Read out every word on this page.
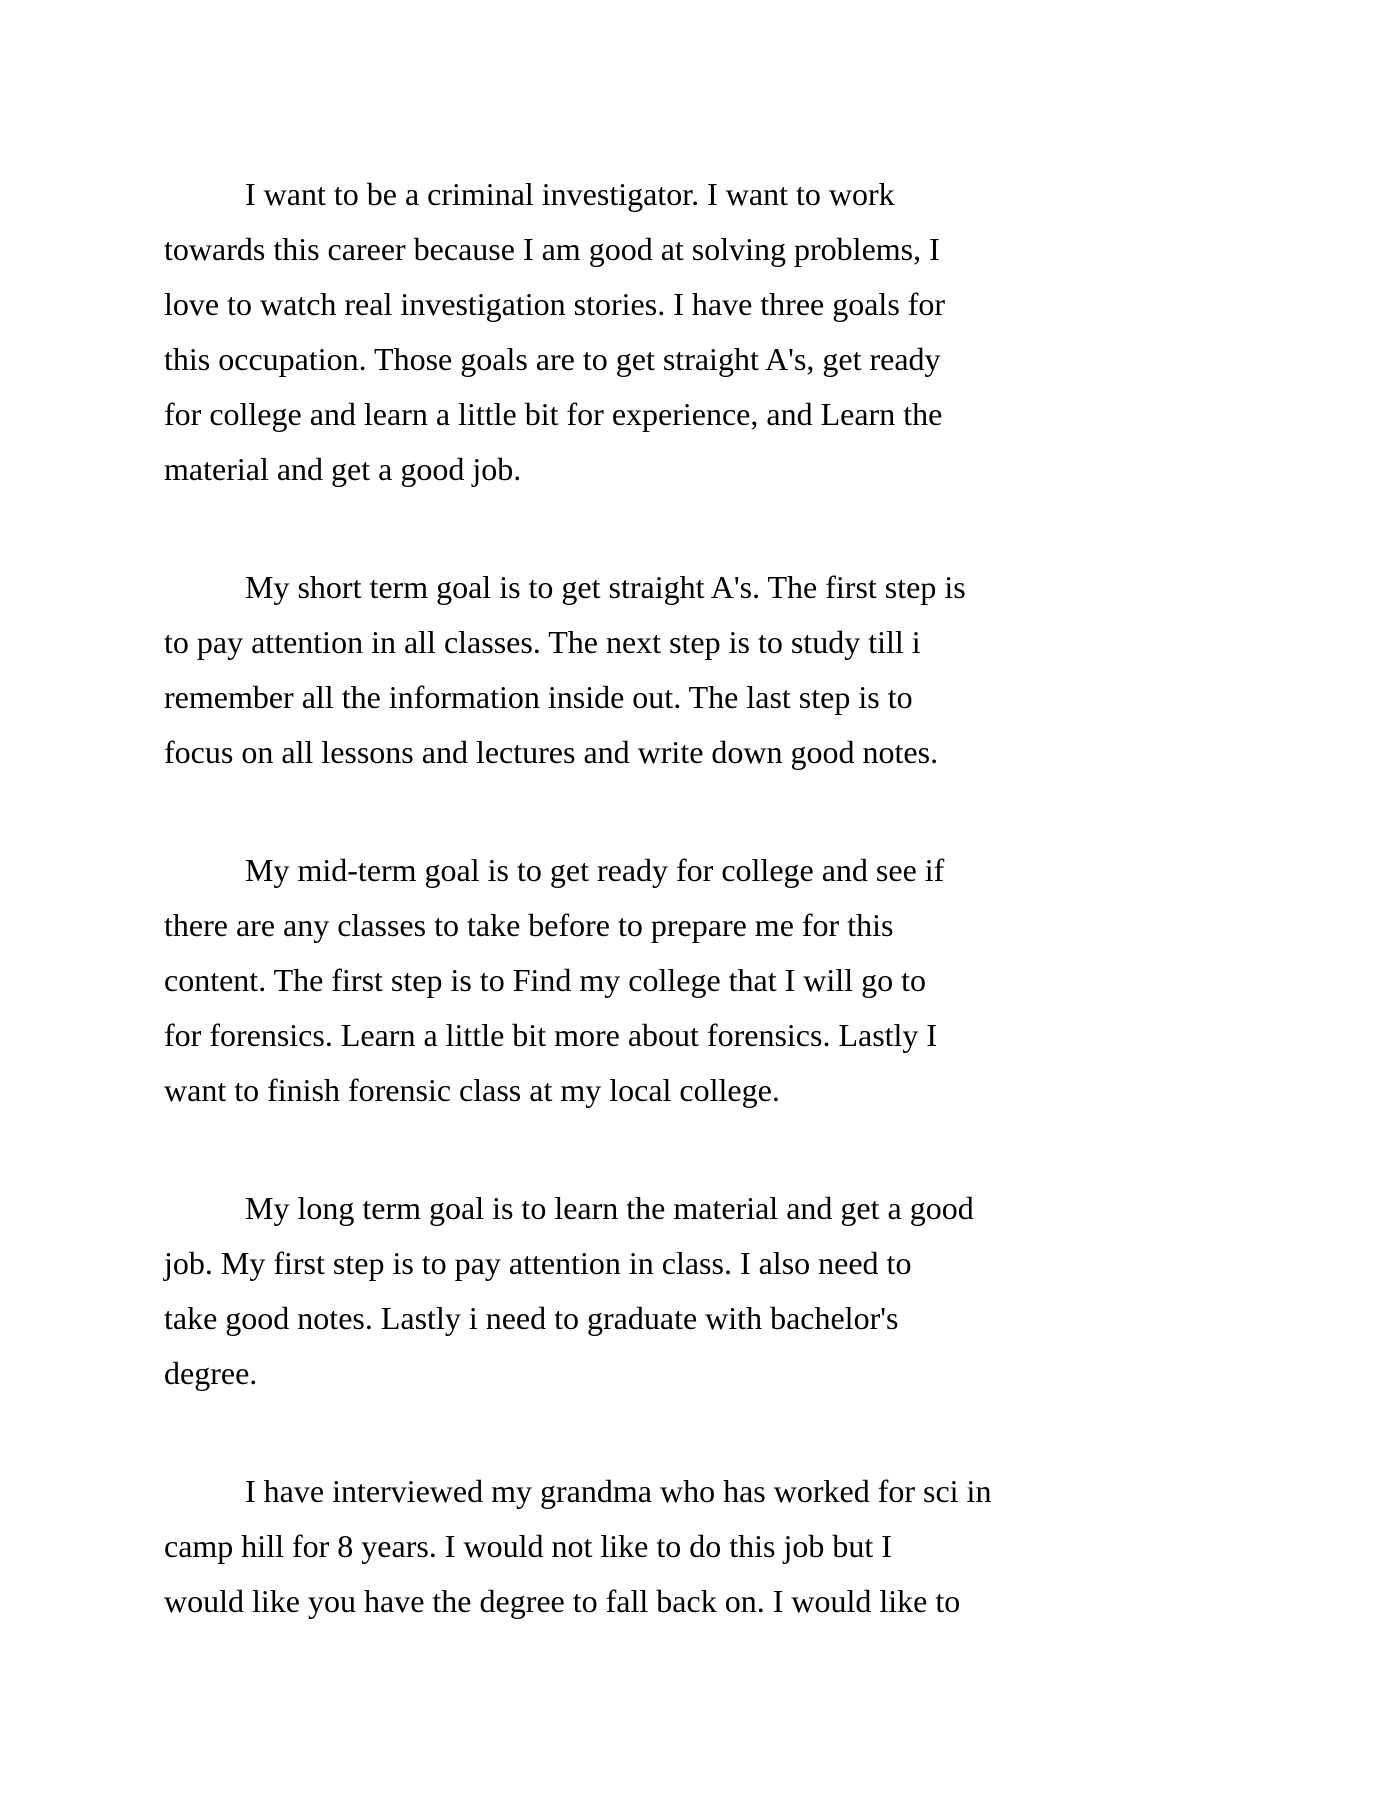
I want to be a criminal investigator. I want to work
towards this career because I am good at solving problems, I
love to watch real investigation stories. I have three goals for
this occupation. Those goals are to get straight A's, get ready
for college and learn a little bit for experience, and Learn the
material and get a good job.
My short term goal is to get straight A's. The first step is
to pay attention in all classes. The next step is to study till i
remember all the information inside out. The last step is to
focus on all lessons and lectures and write down good notes.
My mid-term goal is to get ready for college and see if
there are any classes to take before to prepare me for this
content. The first step is to Find my college that I will go to
for forensics. Learn a little bit more about forensics. Lastly I
want to finish forensic class at my local college.
My long term goal is to learn the material and get a good
job. My first step is to pay attention in class. I also need to
take good notes. Lastly i need to graduate with bachelor's
degree.
I have interviewed my grandma who has worked for sci in
camp hill for 8 years. I would not like to do this job but I
would like you have the degree to fall back on. I would like to
